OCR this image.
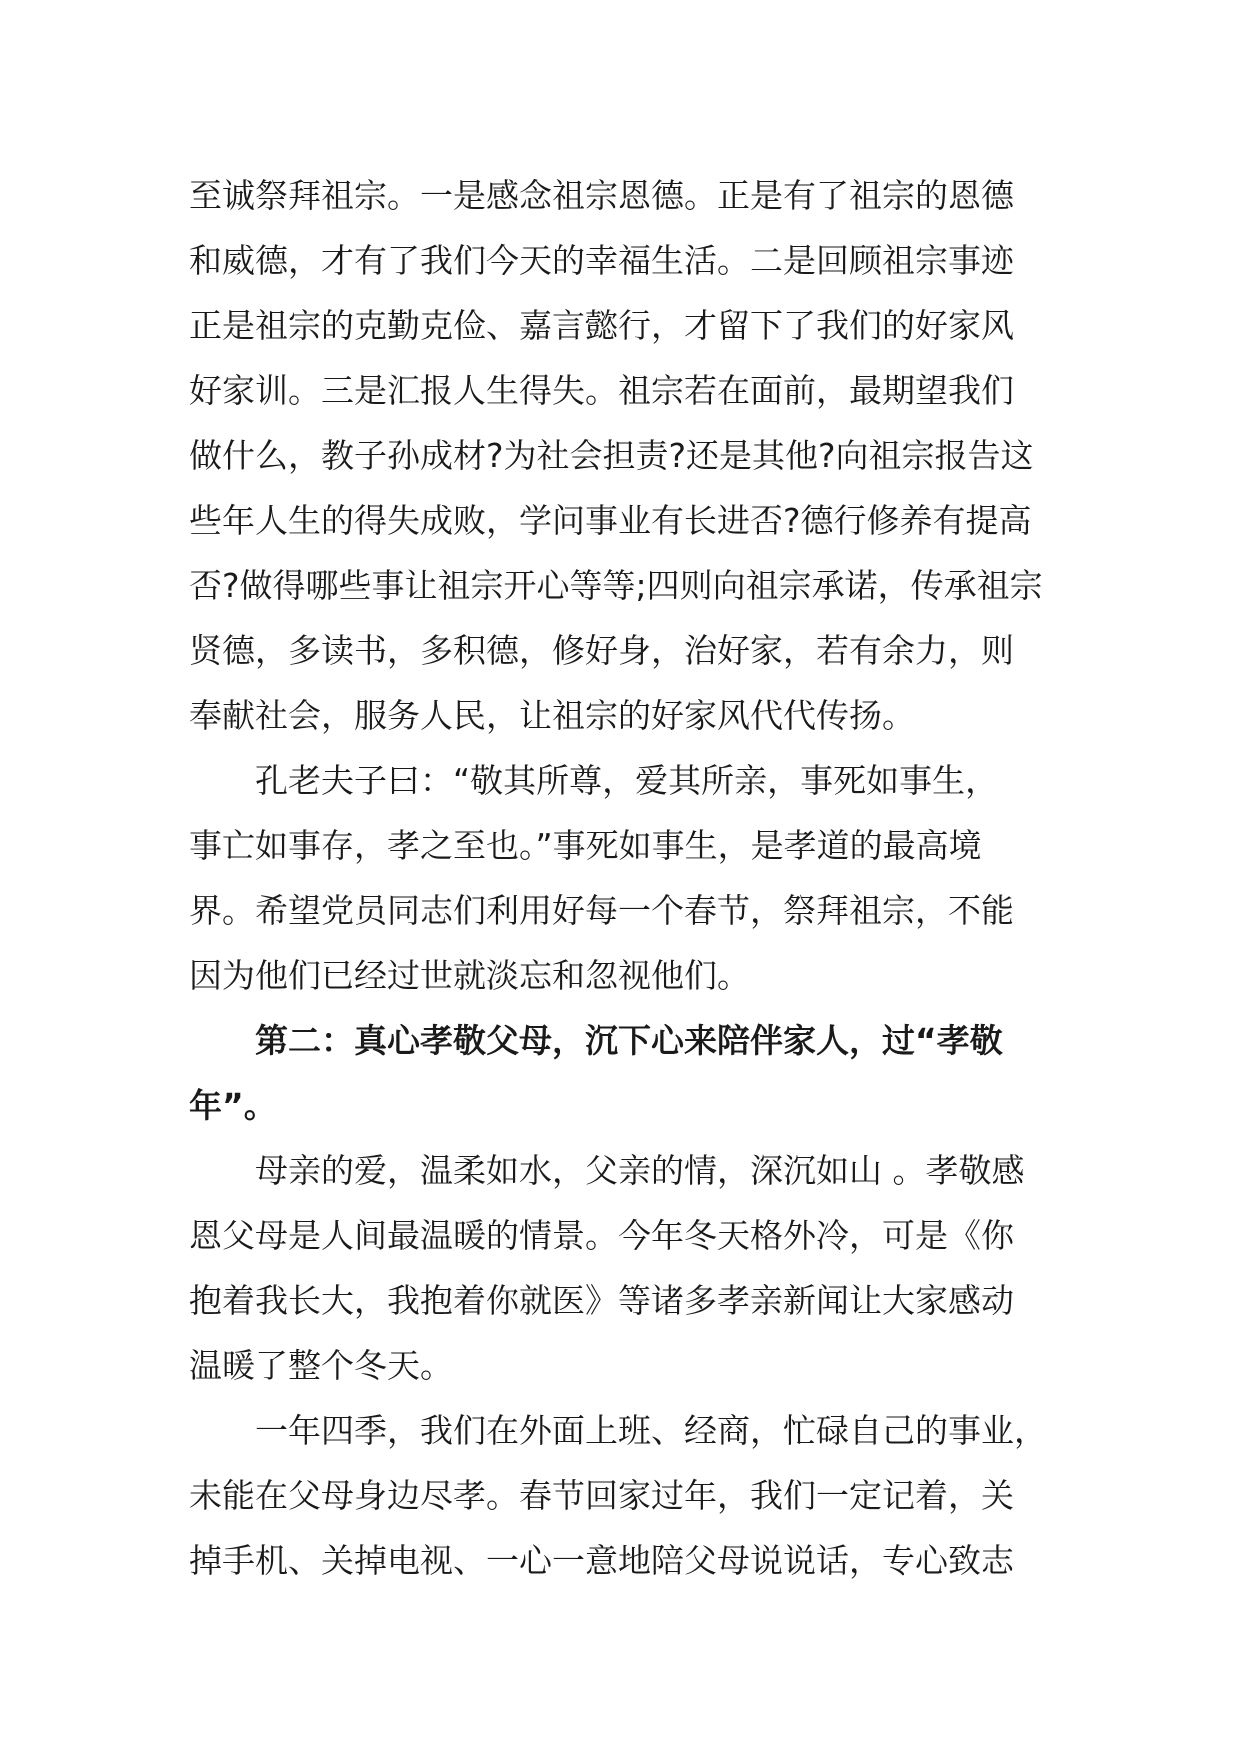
至诚祭拜祖宗。一是感念祖宗恩德。正是有了祖宗的恩德
和威德，才有了我们今天的幸福生活。二是回顾祖宗事迹
正是祖宗的克勤克俭、嘉言懿行，才留下了我们的好家风
好家训。三是汇报人生得失。祖宗若在面前，最期望我们
做什么，教子孙成材?为社会担责?还是其他?向祖宗报告这
些年人生的得失成败，学问事业有长进否?德行修养有提高
否?做得哪些事让祖宗开心等等;四则向祖宗承诺，传承祖宗
贤德，多读书，多积德，修好身，治好家，若有余力，则
奉献社会，服务人民，让祖宗的好家风代代传扬。
孔老夫子曰：“敬其所尊，爱其所亲，事死如事生，
事亡如事存，孝之至也。”事死如事生，是孝道的最高境
界。希望党员同志们利用好每一个春节，祭拜祖宗，不能
因为他们已经过世就淡忘和忽视他们。
第二：真心孝敬父母，沉下心来陪伴家人，过“孝敬
年”。
母亲的爱，温柔如水，父亲的情，深沉如山 。孝敬感
恩父母是人间最温暖的情景。今年冬天格外冷，可是《你
抱着我长大，我抱着你就医》等诸多孝亲新闻让大家感动
温暖了整个冬天。
一年四季，我们在外面上班、经商，忙碌自己的事业，
未能在父母身边尽孝。春节回家过年，我们一定记着，关
掉手机、关掉电视、一心一意地陪父母说说话，专心致志
